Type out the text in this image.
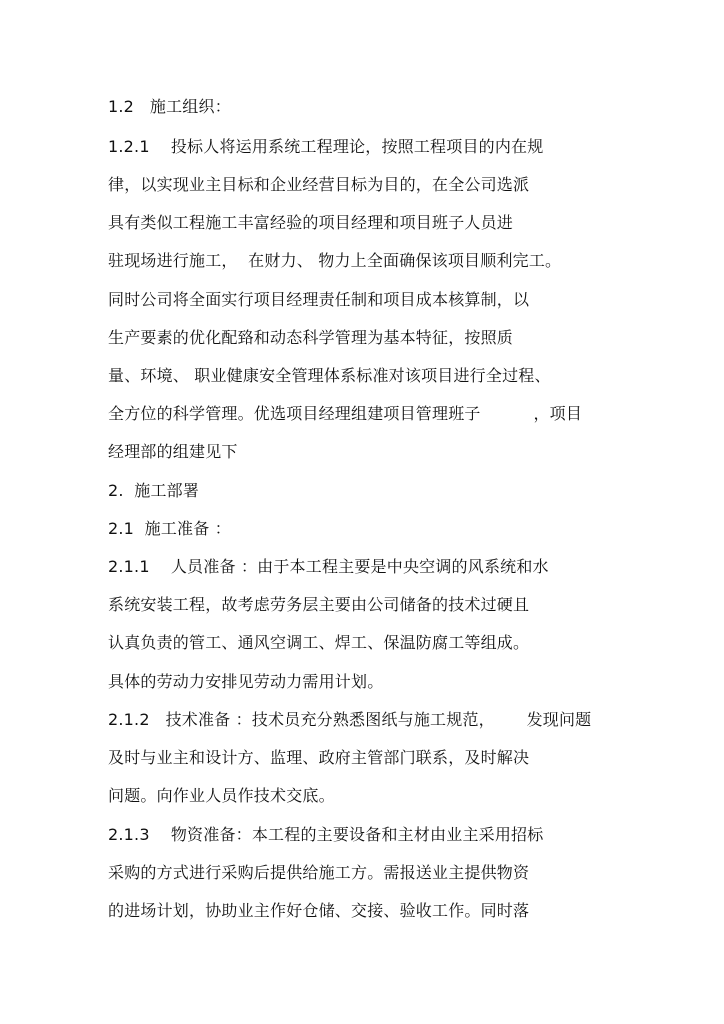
1.2   施工组织：
1.2.1    投标人将运用系统工程理论，按照工程项目的内在规
律，以实现业主目标和企业经营目标为目的，在全公司选派
具有类似工程施工丰富经验的项目经理和项目班子人员进
驻现场进行施工，  在财力、 物力上全面确保该项目顺利完工。
同时公司将全面实行项目经理责任制和项目成本核算制，以
生产要素的优化配臵和动态科学管理为基本特征，按照质
量、环境、 职业健康安全管理体系标准对该项目进行全过程、
全方位的科学管理。优选项目经理组建项目管理班子          ，项目
经理部的组建见下
2.  施工部署
2.1  施工准备 ：
2.1.1    人员准备 ：由于本工程主要是中央空调的风系统和水
系统安装工程，故考虑劳务层主要由公司储备的技术过硬且
认真负责的管工、通风空调工、焊工、保温防腐工等组成。
具体的劳动力安排见劳动力需用计划。
2.1.2   技术准备 ：技术员充分熟悉图纸与施工规范，      发现问题
及时与业主和设计方、监理、政府主管部门联系，及时解决
问题。向作业人员作技术交底。
2.1.3    物资准备：本工程的主要设备和主材由业主采用招标
采购的方式进行采购后提供给施工方。需报送业主提供物资
的进场计划，协助业主作好仓储、交接、验收工作。同时落
